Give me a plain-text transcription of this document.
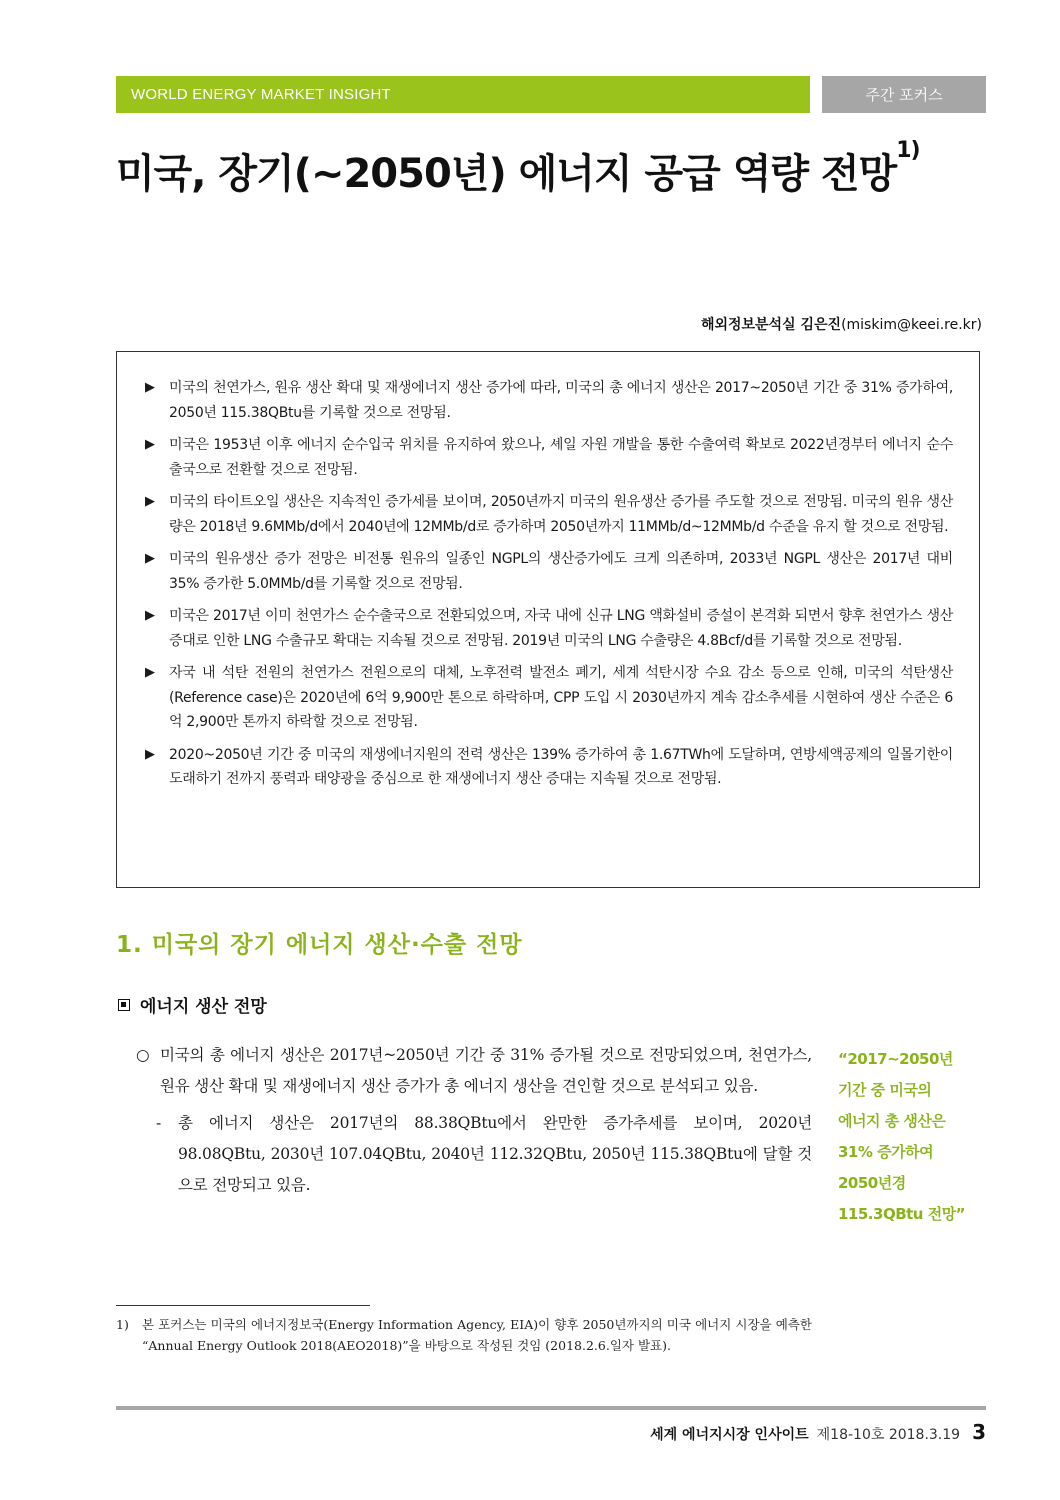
WORLD ENERGY MARKET INSIGHT	주간 포커스
미국, 장기(~2050년) 에너지 공급 역량 전망$^{1)}$
해외정보분석실 김은진(miskim@keei.re.kr)
▶	미국의 천연가스, 원유 생산 확대 및 재생에너지 생산 증가에 따라, 미국의 총 에너지 생산은 2017~2050년 기간 중 31% 증가하여, 2050년 115.38QBtu를 기록할 것으로 전망됨.
▶	미국은 1953년 이후 에너지 순수입국 위치를 유지하여 왔으나, 셰일 자원 개발을 통한 수출여력 확보로 2022년경부터 에너지 순수출국으로 전환할 것으로 전망됨.
▶	미국의 타이트오일 생산은 지속적인 증가세를 보이며, 2050년까지 미국의 원유생산 증가를 주도할 것으로 전망됨. 미국의 원유 생산량은 2018년 9.6MMb/d에서 2040년에 12MMb/d로 증가하며 2050년까지 11MMb/d~12MMb/d 수준을 유지 할 것으로 전망됨.
▶	미국의 원유생산 증가 전망은 비전통 원유의 일종인 NGPL의 생산증가에도 크게 의존하며, 2033년 NGPL 생산은 2017년 대비 35% 증가한 5.0MMb/d를 기록할 것으로 전망됨.
▶	미국은 2017년 이미 천연가스 순수출국으로 전환되었으며, 자국 내에 신규 LNG 액화설비 증설이 본격화 되면서 향후 천연가스 생산 증대로 인한 LNG 수출규모 확대는 지속될 것으로 전망됨. 2019년 미국의 LNG 수출량은 4.8Bcf/d를 기록할 것으로 전망됨.
▶	자국 내 석탄 전원의 천연가스 전원으로의 대체, 노후전력 발전소 폐기, 세계 석탄시장 수요 감소 등으로 인해, 미국의 석탄생산(Reference case)은 2020년에 6억 9,900만 톤으로 하락하며, CPP 도입 시 2030년까지 계속 감소추세를 시현하여 생산 수준은 6억 2,900만 톤까지 하락할 것으로 전망됨.
▶	2020~2050년 기간 중 미국의 재생에너지원의 전력 생산은 139% 증가하여 총 1.67TWh에 도달하며, 연방세액공제의 일몰기한이 도래하기 전까지 풍력과 태양광을 중심으로 한 재생에너지 생산 증대는 지속될 것으로 전망됨.
1. 미국의 장기 에너지 생산·수출 전망
에너지 생산 전망
○ 미국의 총 에너지 생산은 2017년~2050년 기간 중 31% 증가될 것으로 전망되었으며, 천연가스, 원유 생산 확대 및 재생에너지 생산 증가가 총 에너지 생산을 견인할 것으로 분석되고 있음.
-	총 에너지 생산은 2017년의 88.38QBtu에서 완만한 증가추세를 보이며, 2020년 98.08QBtu, 2030년 107.04QBtu, 2040년 112.32QBtu, 2050년 115.38QBtu에 달할 것으로 전망되고 있음.
“2017~2050년
기간 중 미국의
에너지 총 생산은
31% 증가하여
2050년경
115.3QBtu 전망”
1)	본 포커스는 미국의 에너지정보국(Energy Information Agency, EIA)이 향후 2050년까지의 미국 에너지 시장을 예측한 “Annual Energy Outlook 2018(AEO2018)”을 바탕으로 작성된 것임 (2018.2.6.일자 발표).
세계 에너지시장 인사이트 제18-10호 2018.3.19 3
